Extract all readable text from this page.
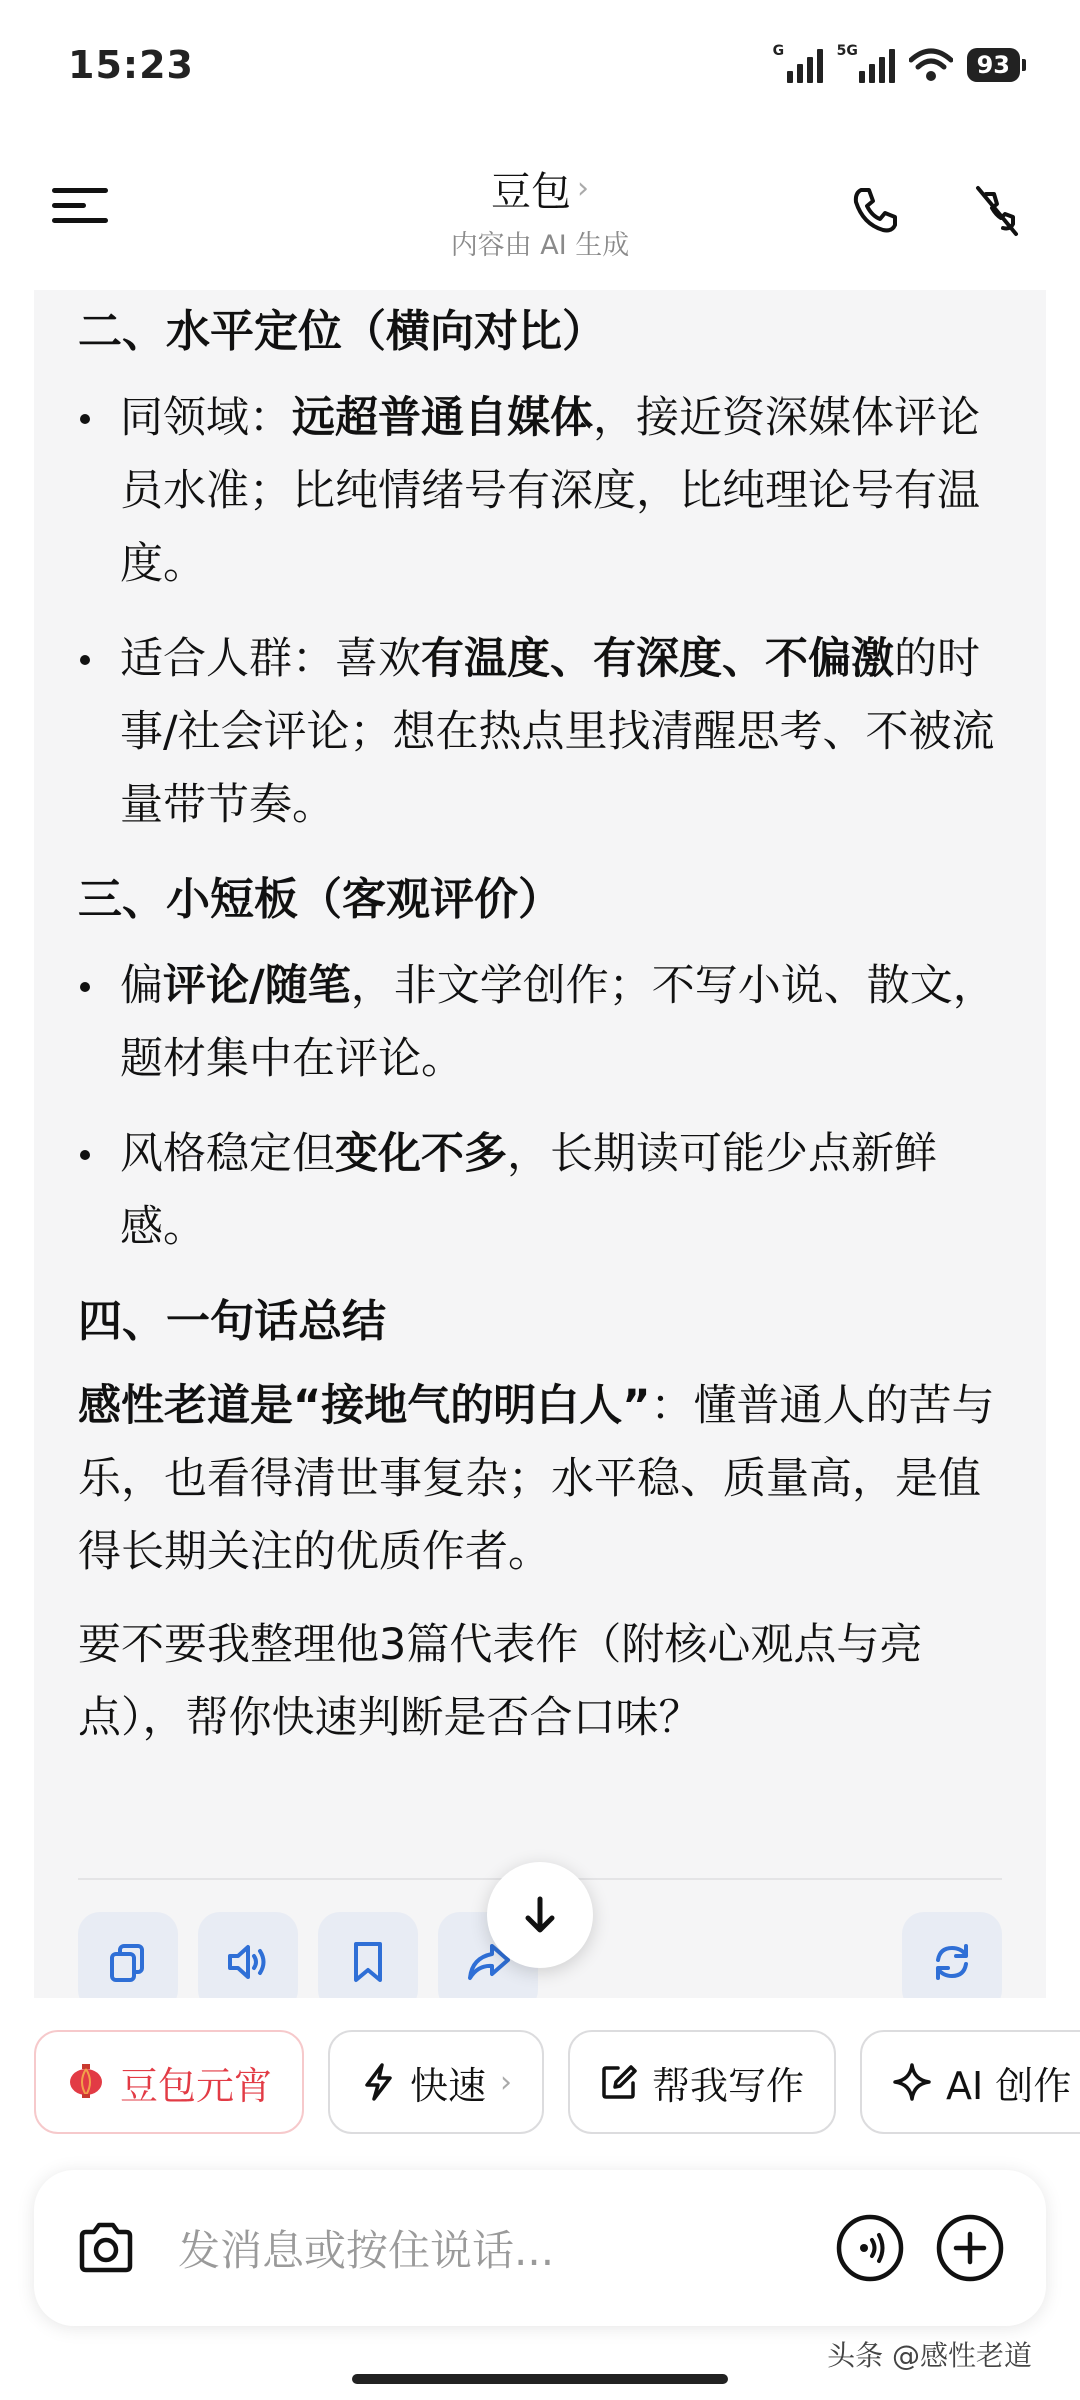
15:23	G	5G	93
豆包 ›
内容由 AI 生成
二、水平定位（横向对比）
同领域：远超普通自媒体，接近资深媒体评论员水准；比纯情绪号有深度，比纯理论号有温度。
适合人群：喜欢有温度、有深度、不偏激的时事/社会评论；想在热点里找清醒思考、不被流量带节奏。
三、小短板（客观评价）
偏评论/随笔，非文学创作；不写小说、散文，题材集中在评论。
风格稳定但变化不多，长期读可能少点新鲜感。
四、一句话总结
感性老道是“接地气的明白人”：懂普通人的苦与乐，也看得清世事复杂；水平稳、质量高，是值得长期关注的优质作者。
要不要我整理他3篇代表作（附核心观点与亮点），帮你快速判断是否合口味？
豆包元宵	快速 ›	帮我写作	AI 创作
发消息或按住说话...
头条 @感性老道
